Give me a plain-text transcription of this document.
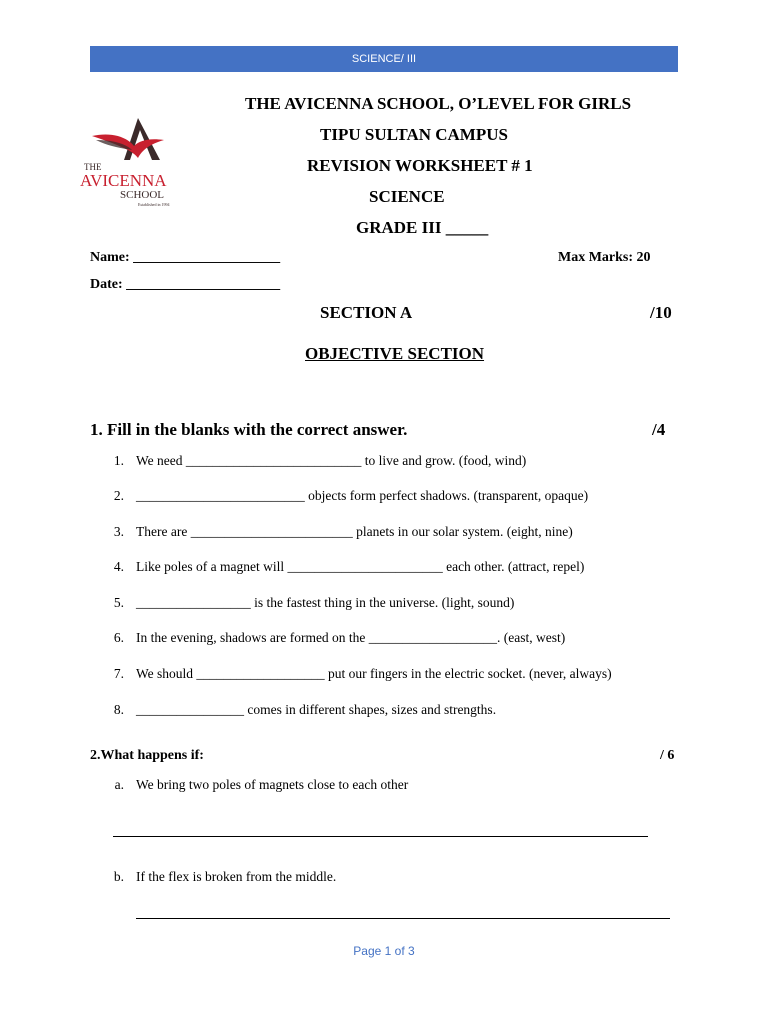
SCIENCE/ III
THE
AVICENNA
SCHOOL
Established in 1994
THE AVICENNA SCHOOL, O’LEVEL FOR GIRLS
TIPU SULTAN CAMPUS
REVISION WORKSHEET # 1
SCIENCE
GRADE III _____
Name: _____________________	Max Marks: 20
Date: ______________________
SECTION A	/10
OBJECTIVE SECTION
1. Fill in the blanks with the correct answer.	/4
1. We need __________________________ to live and grow. (food, wind)
2. _________________________ objects form perfect shadows. (transparent, opaque)
3. There are ________________________ planets in our solar system. (eight, nine)
4. Like poles of a magnet will _______________________ each other. (attract, repel)
5. _________________ is the fastest thing in the universe. (light, sound)
6. In the evening, shadows are formed on the ___________________. (east, west)
7. We should ___________________ put our fingers in the electric socket. (never, always)
8. ________________ comes in different shapes, sizes and strengths.
2.What happens if:	/ 6
a. We bring two poles of magnets close to each other
b. If the flex is broken from the middle.
Page 1 of 3
